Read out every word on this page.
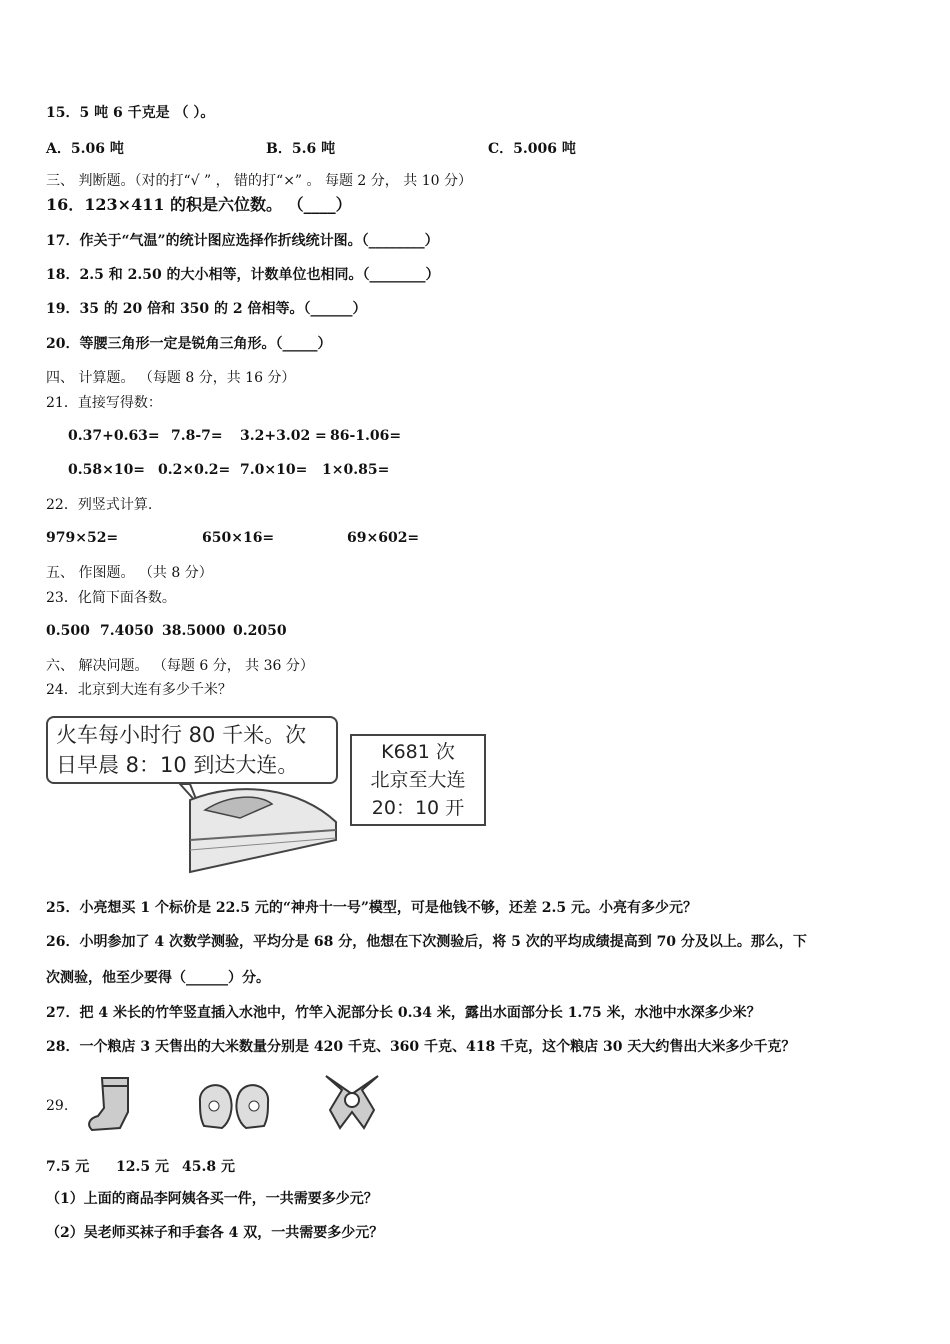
15．5 吨 6 千克是 （ ）。
A．5.06 吨	B．5.6 吨	C．5.006 吨
三、 判断题。（对的打“√ ” ， 错的打“×” 。 每题 2 分， 共 10 分）
16．123×411 的积是六位数。 （____）
17．作关于“气温”的统计图应选择作折线统计图。（________）
18．2.5 和 2.50 的大小相等，计数单位也相同。（________）
19．35 的 20 倍和 350 的 2 倍相等。（______）
20．等腰三角形一定是锐角三角形。（_____）
四、 计算题。 （每题 8 分，共 16 分）
21．直接写得数：
0.37+0.63= 7.8-7= 3.2+3.02 = 86-1.06=
0.58×10= 0.2×0.2= 7.0×10= 1×0.85=
22．列竖式计算.
979×52=	650×16=	69×602=
五、 作图题。 （共 8 分）
23．化简下面各数。
0.500 7.4050 38.5000 0.2050
六、 解决问题。 （每题 6 分， 共 36 分）
24．北京到大连有多少千米？
火车每小时行 80 千米。次
日早晨 8：10 到达大连。
K681 次
北京至大连
20：10 开
25．小亮想买 1 个标价是 22.5 元的“神舟十一号”模型，可是他钱不够，还差 2.5 元。小亮有多少元？
26．小明参加了 4 次数学测验，平均分是 68 分，他想在下次测验后，将 5 次的平均成绩提高到 70 分及以上。那么，下
次测验，他至少要得（______）分。
27．把 4 米长的竹竿竖直插入水池中，竹竿入泥部分长 0.34 米，露出水面部分长 1.75 米，水池中水深多少米？
28．一个粮店 3 天售出的大米数量分别是 420 千克、360 千克、418 千克，这个粮店 30 天大约售出大米多少千克？
29.
7.5 元 12.5 元 45.8 元
（1）上面的商品李阿姨各买一件，一共需要多少元？
（2）吴老师买袜子和手套各 4 双，一共需要多少元？
